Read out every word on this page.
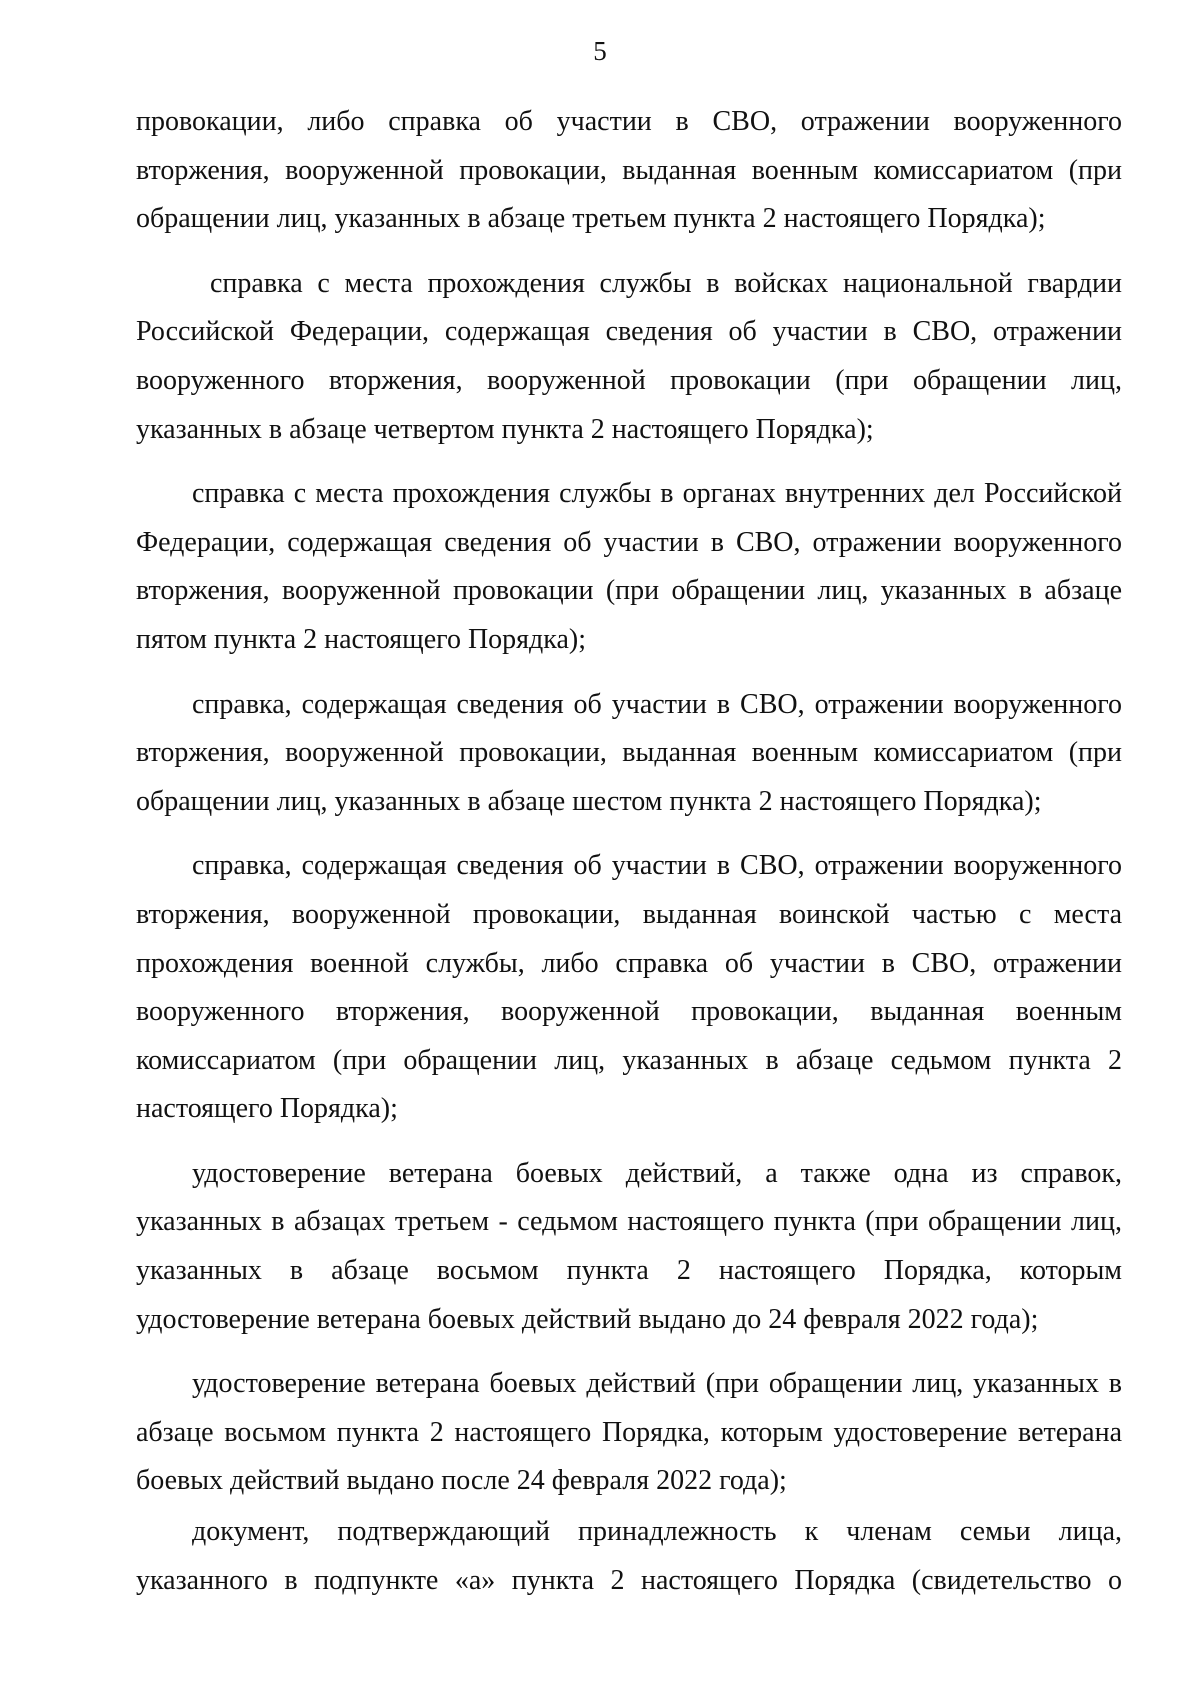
5

провокации, либо справка об участии в СВО, отражении вооруженного вторжения, вооруженной провокации, выданная военным комиссариатом (при обращении лиц, указанных в абзаце третьем пункта 2 настоящего Порядка);

справка с места прохождения службы в войсках национальной гвардии Российской Федерации, содержащая сведения об участии в СВО, отражении вооруженного вторжения, вооруженной провокации (при обращении лиц, указанных в абзаце четвертом пункта 2 настоящего Порядка);

справка с места прохождения службы в органах внутренних дел Российской Федерации, содержащая сведения об участии в СВО, отражении вооруженного вторжения, вооруженной провокации (при обращении лиц, указанных в абзаце пятом пункта 2 настоящего Порядка);

справка, содержащая сведения об участии в СВО, отражении вооруженного вторжения, вооруженной провокации, выданная военным комиссариатом (при обращении лиц, указанных в абзаце шестом пункта 2 настоящего Порядка);

справка, содержащая сведения об участии в СВО, отражении вооруженного вторжения, вооруженной провокации, выданная воинской частью с места прохождения военной службы, либо справка об участии в СВО, отражении вооруженного вторжения, вооруженной провокации, выданная военным комиссариатом (при обращении лиц, указанных в абзаце седьмом пункта 2 настоящего Порядка);

удостоверение ветерана боевых действий, а также одна из справок, указанных в абзацах третьем - седьмом настоящего пункта (при обращении лиц, указанных в абзаце восьмом пункта 2 настоящего Порядка, которым удостоверение ветерана боевых действий выдано до 24 февраля 2022 года);

удостоверение ветерана боевых действий (при обращении лиц, указанных в абзаце восьмом пункта 2 настоящего Порядка, которым удостоверение ветерана боевых действий выдано после 24 февраля 2022 года);

документ, подтверждающий принадлежность к членам семьи лица, указанного в подпункте «а» пункта 2 настоящего Порядка (свидетельство о
